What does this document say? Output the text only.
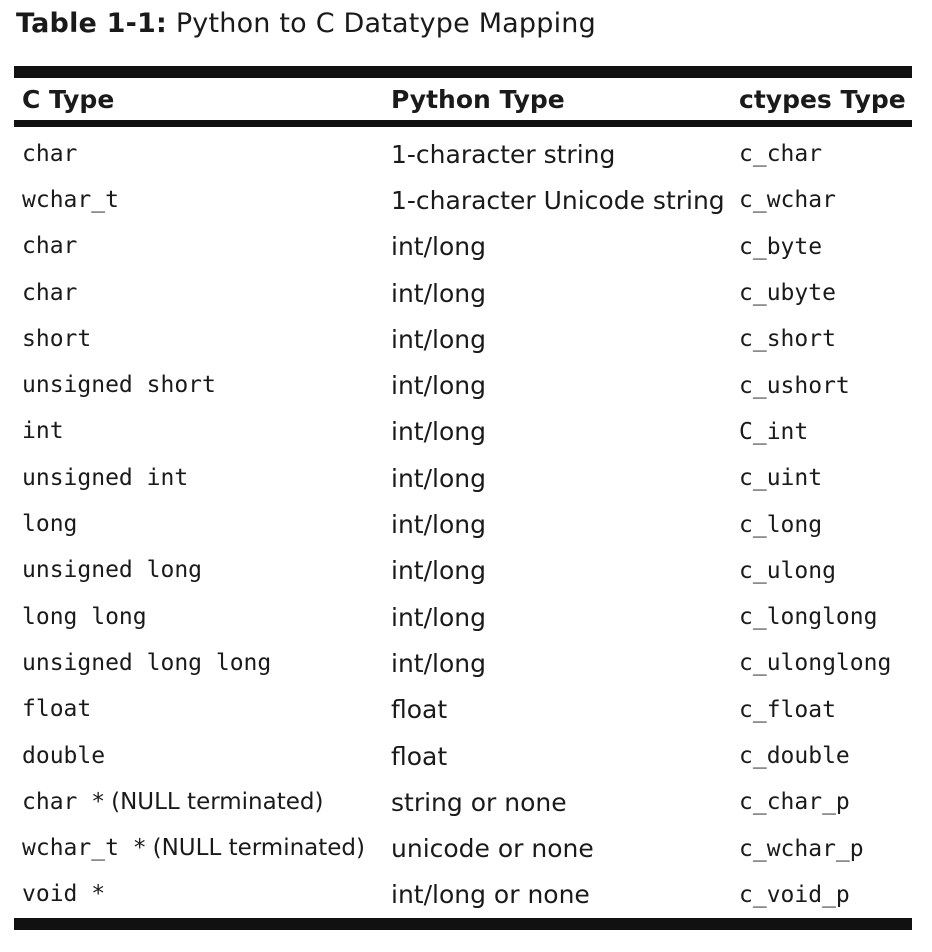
Table 1-1: Python to C Datatype Mapping
C Type	Python Type	ctypes Type
char	1-character string	c_char
wchar_t	1-character Unicode string	c_wchar
char	int/long	c_byte
char	int/long	c_ubyte
short	int/long	c_short
unsigned short	int/long	c_ushort
int	int/long	C_int
unsigned int	int/long	c_uint
long	int/long	c_long
unsigned long	int/long	c_ulong
long long	int/long	c_longlong
unsigned long long	int/long	c_ulonglong
float	float	c_float
double	float	c_double
char * (NULL terminated)	string or none	c_char_p
wchar_t * (NULL terminated)	unicode or none	c_wchar_p
void *	int/long or none	c_void_p
